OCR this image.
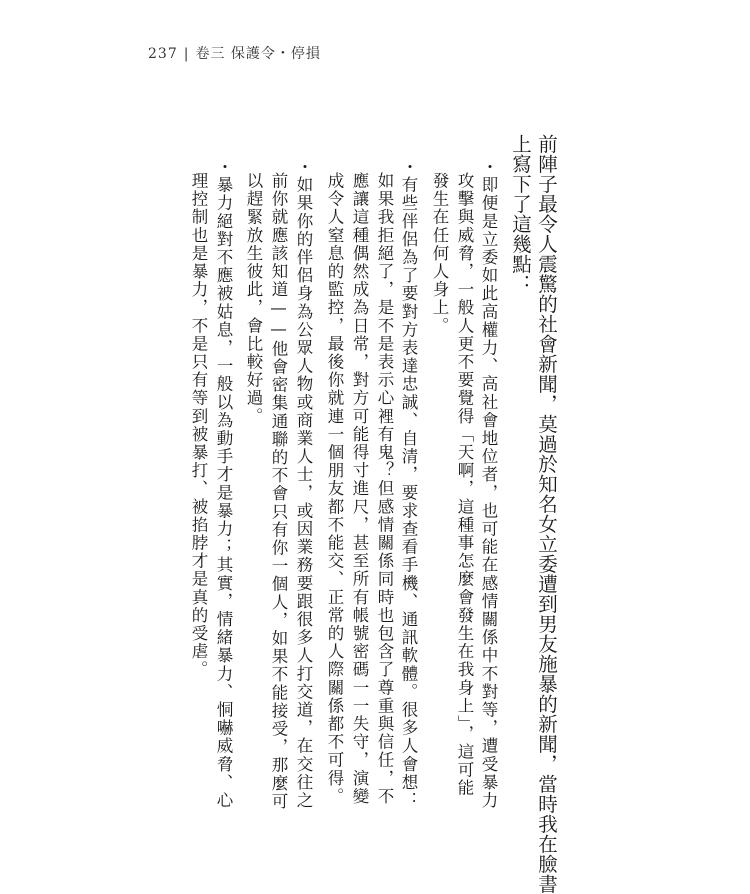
237 | 卷三 保護令・停損
前陣子最令人震驚的社會新聞，莫過於知名女立委遭到男友施暴的新聞，當時我在臉書
上寫下了這幾點：
・即便是立委如此高權力、高社會地位者，也可能在感情關係中不對等，遭受暴力
攻擊與威脅，一般人更不要覺得「天啊，這種事怎麼會發生在我身上」，這可能
發生在任何人身上。
・有些伴侶為了要對方表達忠誠、自清，要求查看手機、通訊軟體。很多人會想：
如果我拒絕了，是不是表示心裡有鬼？但感情關係同時也包含了尊重與信任，不
應讓這種偶然成為日常，對方可能得寸進尺，甚至所有帳號密碼一一失守，演變
成令人窒息的監控，最後你就連一個朋友都不能交、正常的人際關係都不可得。
・如果你的伴侶身為公眾人物或商業人士，或因業務要跟很多人打交道，在交往之
前你就應該知道——他會密集通聯的不會只有你一個人，如果不能接受，那麼可
以趕緊放生彼此，會比較好過。
・暴力絕對不應被姑息，一般以為動手才是暴力；其實，情緒暴力、恫嚇威脅、心
理控制也是暴力，不是只有等到被暴打、被掐脖才是真的受虐。
